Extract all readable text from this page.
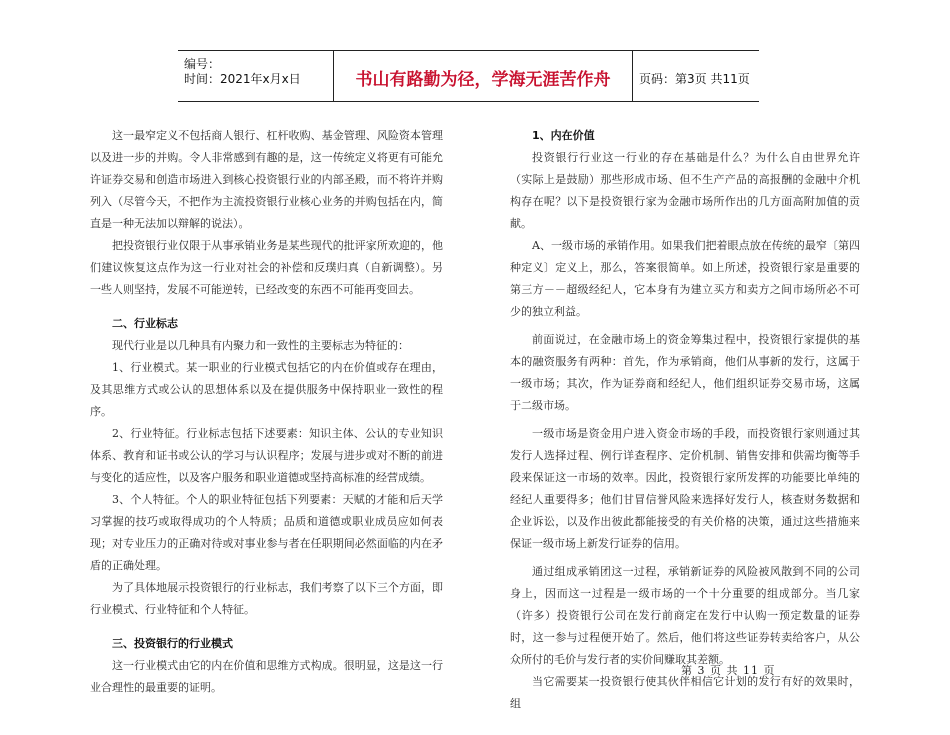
编号：
时间：2021年x月x日	书山有路勤为径，学海无涯苦作舟	页码：第3页 共11页

这一最窄定义不包括商人银行、杠杆收购、基金管理、风险资本管理以及进一步的并购。令人非常感到有趣的是，这一传统定义将更有可能允许证券交易和创造市场进入到核心投资银行业的内部圣殿，而不将许并购列入（尽管今天，不把作为主流投资银行业核心业务的并购包括在内，简直是一种无法加以辩解的说法）。

把投资银行业仅限于从事承销业务是某些现代的批评家所欢迎的，他们建议恢复这点作为这一行业对社会的补偿和反璞归真（自新调整）。另一些人则坚持，发展不可能逆转，已经改变的东西不可能再变回去。

二、行业标志

现代行业是以几种具有内聚力和一致性的主要标志为特征的：

1、行业模式。某一职业的行业模式包括它的内在价值或存在理由，及其思维方式或公认的思想体系以及在提供服务中保持职业一致性的程序。

2、行业特征。行业标志包括下述要素：知识主体、公认的专业知识体系、教育和证书或公认的学习与认识程序；发展与进步或对不断的前进与变化的适应性，以及客户服务和职业道德或坚持高标准的经营成绩。

3、个人特征。个人的职业特征包括下列要素：天赋的才能和后天学习掌握的技巧或取得成功的个人特质；品质和道德或职业成员应如何表现；对专业压力的正确对待或对事业参与者在任职期间必然面临的内在矛盾的正确处理。

为了具体地展示投资银行的行业标志，我们考察了以下三个方面，即行业模式、行业特征和个人特征。

三、投资银行的行业模式

这一行业模式由它的内在价值和思维方式构成。很明显，这是这一行业合理性的最重要的证明。

1、内在价值

投资银行行业这一行业的存在基础是什么？为什么自由世界允许（实际上是鼓励）那些形成市场、但不生产产品的高报酬的金融中介机构存在呢？以下是投资银行家为金融市场所作出的几方面高附加值的贡献。

A、一级市场的承销作用。如果我们把着眼点放在传统的最窄〔第四种定义〕定义上，那么，答案很简单。如上所述，投资银行家是重要的第三方－－超级经纪人，它本身有为建立买方和卖方之间市场所必不可少的独立利益。

前面说过，在金融市场上的资金筹集过程中，投资银行家提供的基本的融资服务有两种：首先，作为承销商，他们从事新的发行，这属于一级市场；其次，作为证券商和经纪人，他们组织证券交易市场，这属于二级市场。

一级市场是资金用户进入资金市场的手段，而投资银行家则通过其发行人选择过程、例行详查程序、定价机制、销售安排和供需均衡等手段来保证这一市场的效率。因此，投资银行家所发挥的功能要比单纯的经纪人重要得多；他们甘冒信誉风险来选择好发行人，核查财务数据和企业诉讼，以及作出彼此都能接受的有关价格的决策，通过这些措施来保证一级市场上新发行证券的信用。

通过组成承销团这一过程，承销新证券的风险被风散到不同的公司身上，因而这一过程是一级市场的一个十分重要的组成部分。当几家（许多）投资银行公司在发行前商定在发行中认购一预定数量的证券时，这一参与过程便开始了。然后，他们将这些证券转卖给客户，从公众所付的毛价与发行者的实价间赚取其差额。

当它需要某一投资银行使其伙伴相信它计划的发行有好的效果时，组

第 3 页 共 11 页
